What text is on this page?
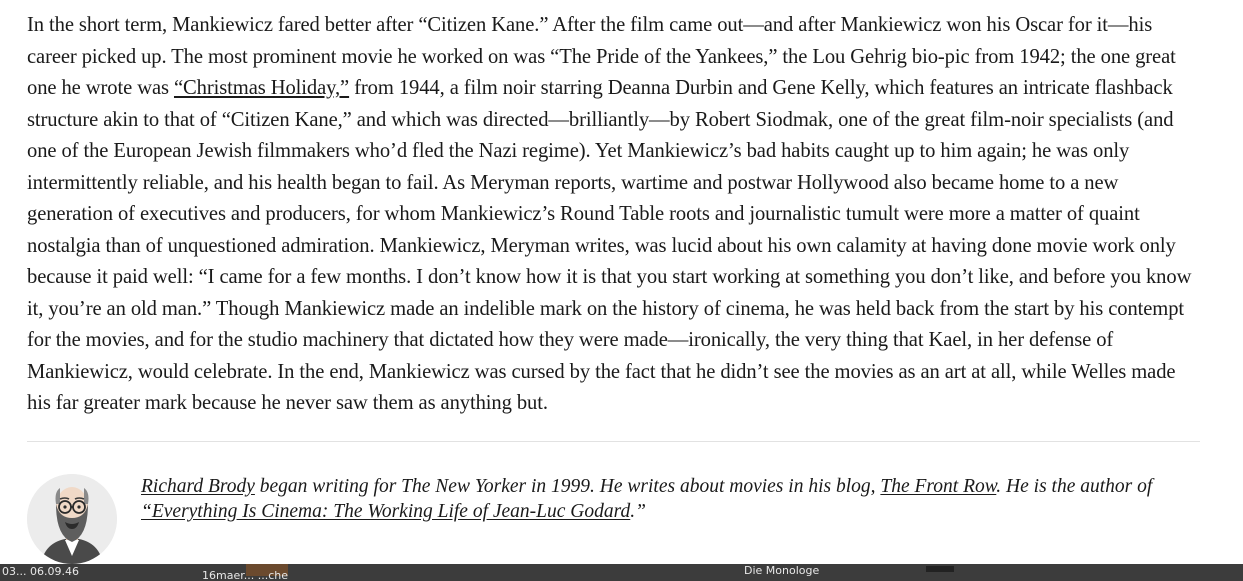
In the short term, Mankiewicz fared better after “Citizen Kane.” After the film came out—and after Mankiewicz won his Oscar for it—his career picked up. The most prominent movie he worked on was “The Pride of the Yankees,” the Lou Gehrig bio-pic from 1942; the one great one he wrote was “Christmas Holiday,” from 1944, a film noir starring Deanna Durbin and Gene Kelly, which features an intricate flashback structure akin to that of “Citizen Kane,” and which was directed—brilliantly—by Robert Siodmak, one of the great film-noir specialists (and one of the European Jewish filmmakers who’d fled the Nazi regime). Yet Mankiewicz’s bad habits caught up to him again; he was only intermittently reliable, and his health began to fail. As Meryman reports, wartime and postwar Hollywood also became home to a new generation of executives and producers, for whom Mankiewicz’s Round Table roots and journalistic tumult were more a matter of quaint nostalgia than of unquestioned admiration. Mankiewicz, Meryman writes, was lucid about his own calamity at having done movie work only because it paid well: “I came for a few months. I don’t know how it is that you start working at something you don’t like, and before you know it, you’re an old man.” Though Mankiewicz made an indelible mark on the history of cinema, he was held back from the start by his contempt for the movies, and for the studio machinery that dictated how they were made—ironically, the very thing that Kael, in her defense of Mankiewicz, would celebrate. In the end, Mankiewicz was cursed by the fact that he didn’t see the movies as an art at all, while Welles made his far greater mark because he never saw them as anything but.

Richard Brody began writing for The New Yorker in 1999. He writes about movies in his blog, The Front Row. He is the author of “Everything Is Cinema: The Working Life of Jean-Luc Godard.”

03... 06.09.46	16maer... ...che	Die Monologe
